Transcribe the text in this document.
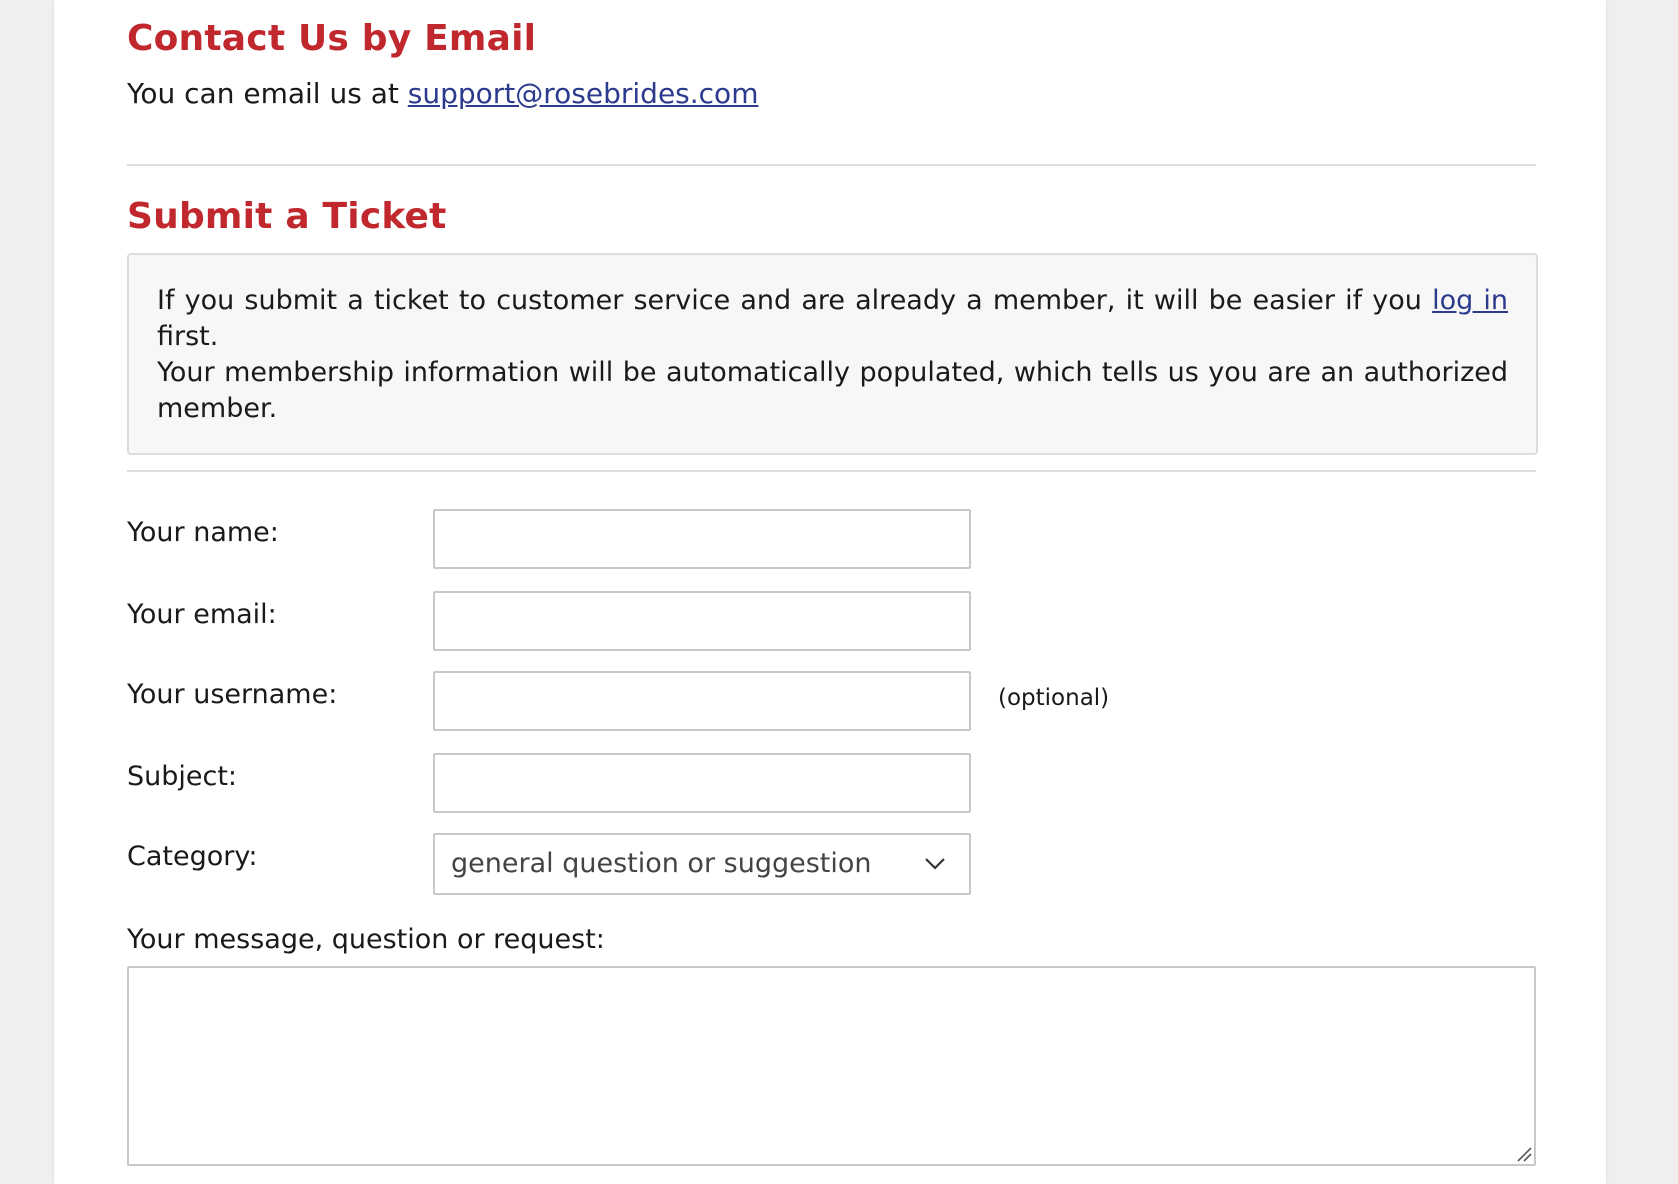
Contact Us by Email
You can email us at support@rosebrides.com
Submit a Ticket

If you submit a ticket to customer service and are already a member, it will be easier if you log in first.

Your membership information will be automatically populated, which tells us you are an authorized member.

Your name:
Your email:
Your username:	(optional)
Subject:
Category:	general question or suggestion
Your message, question or request:
